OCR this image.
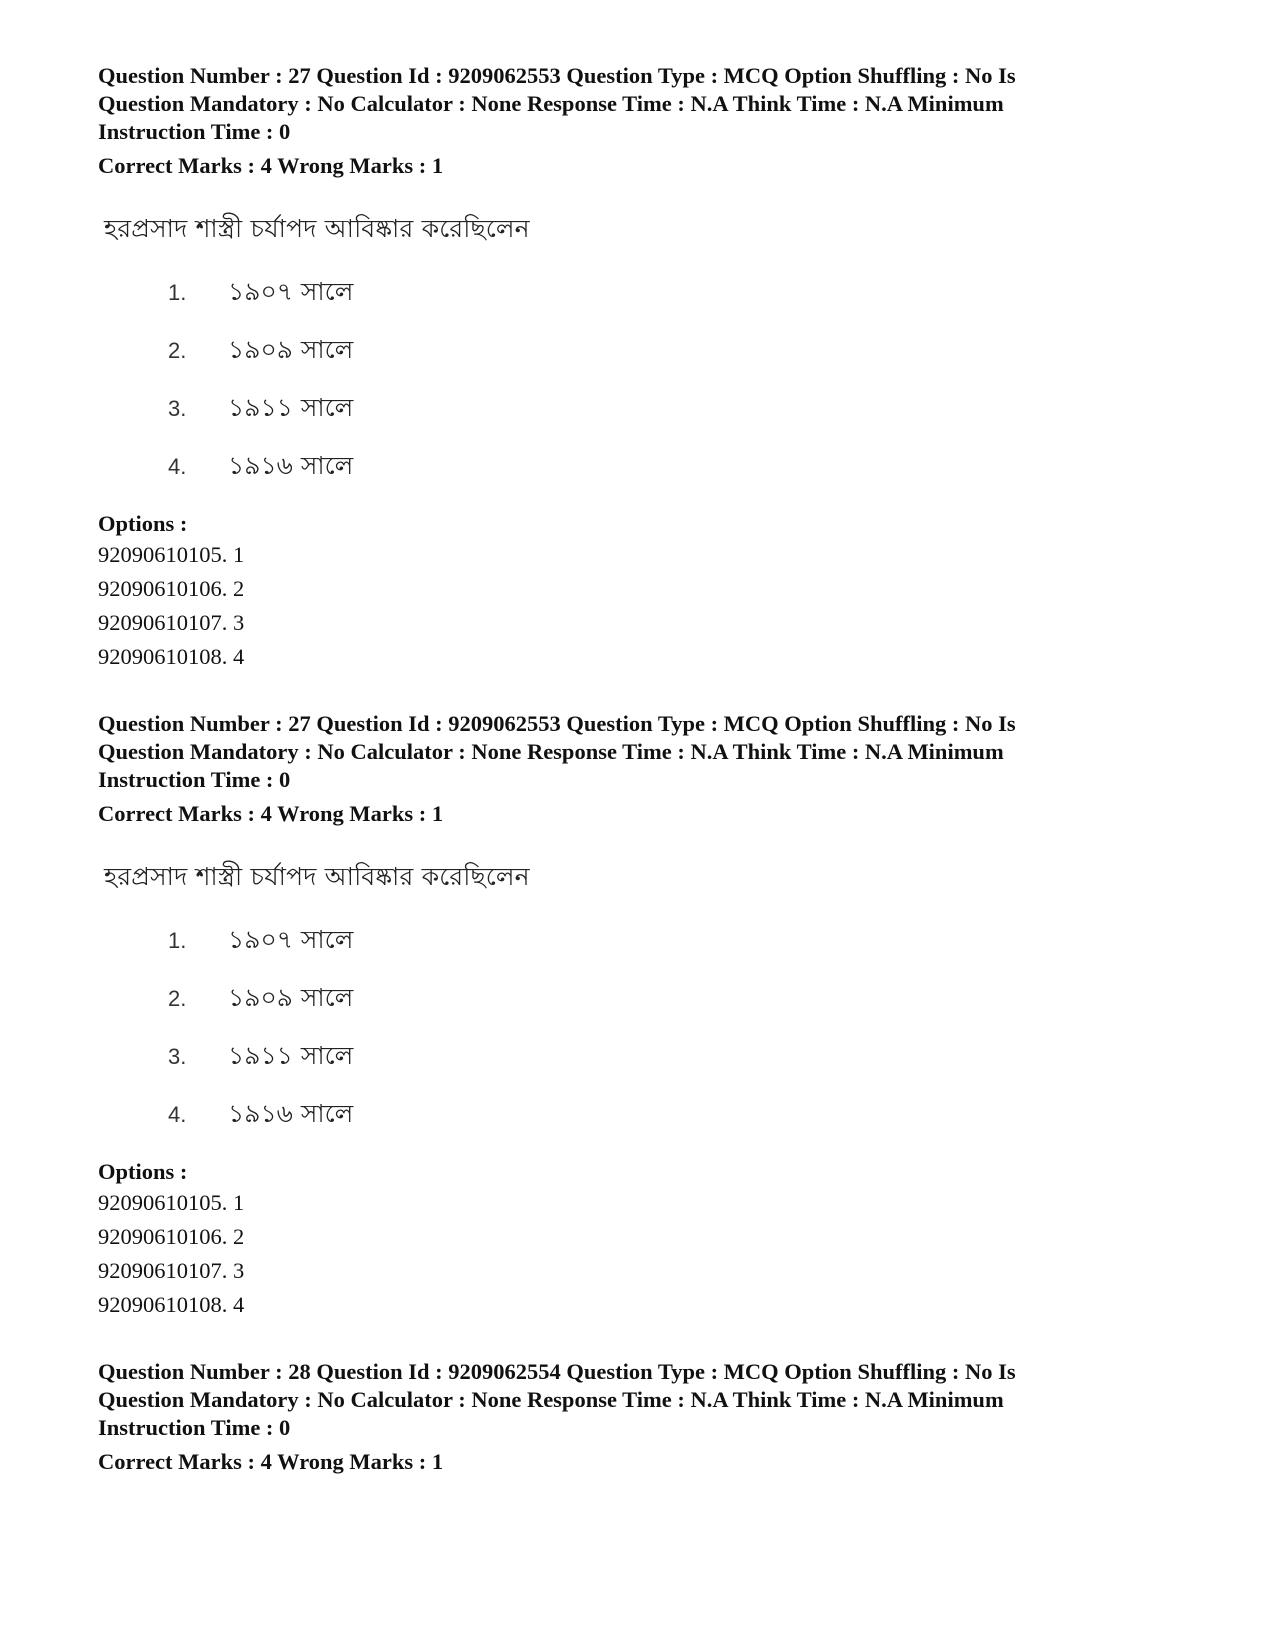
Question Number : 27 Question Id : 9209062553 Question Type : MCQ Option Shuffling : No Is

Question Mandatory : No Calculator : None Response Time : N.A Think Time : N.A Minimum

Instruction Time : 0

Correct Marks : 4 Wrong Marks : 1

হরপ্রসাদ শাস্ত্রী চর্যাপদ আবিষ্কার করেছিলেন
1.	১৯০৭ সালে
2.	১৯০৯ সালে
3.	১৯১১ সালে
4.	১৯১৬ সালে
Options :
92090610105. 1
92090610106. 2
92090610107. 3
92090610108. 4

Question Number : 27 Question Id : 9209062553 Question Type : MCQ Option Shuffling : No Is

Question Mandatory : No Calculator : None Response Time : N.A Think Time : N.A Minimum

Instruction Time : 0

Correct Marks : 4 Wrong Marks : 1

হরপ্রসাদ শাস্ত্রী চর্যাপদ আবিষ্কার করেছিলেন
1.	১৯০৭ সালে
2.	১৯০৯ সালে
3.	১৯১১ সালে
4.	১৯১৬ সালে
Options :
92090610105. 1
92090610106. 2
92090610107. 3
92090610108. 4

Question Number : 28 Question Id : 9209062554 Question Type : MCQ Option Shuffling : No Is

Question Mandatory : No Calculator : None Response Time : N.A Think Time : N.A Minimum

Instruction Time : 0

Correct Marks : 4 Wrong Marks : 1
